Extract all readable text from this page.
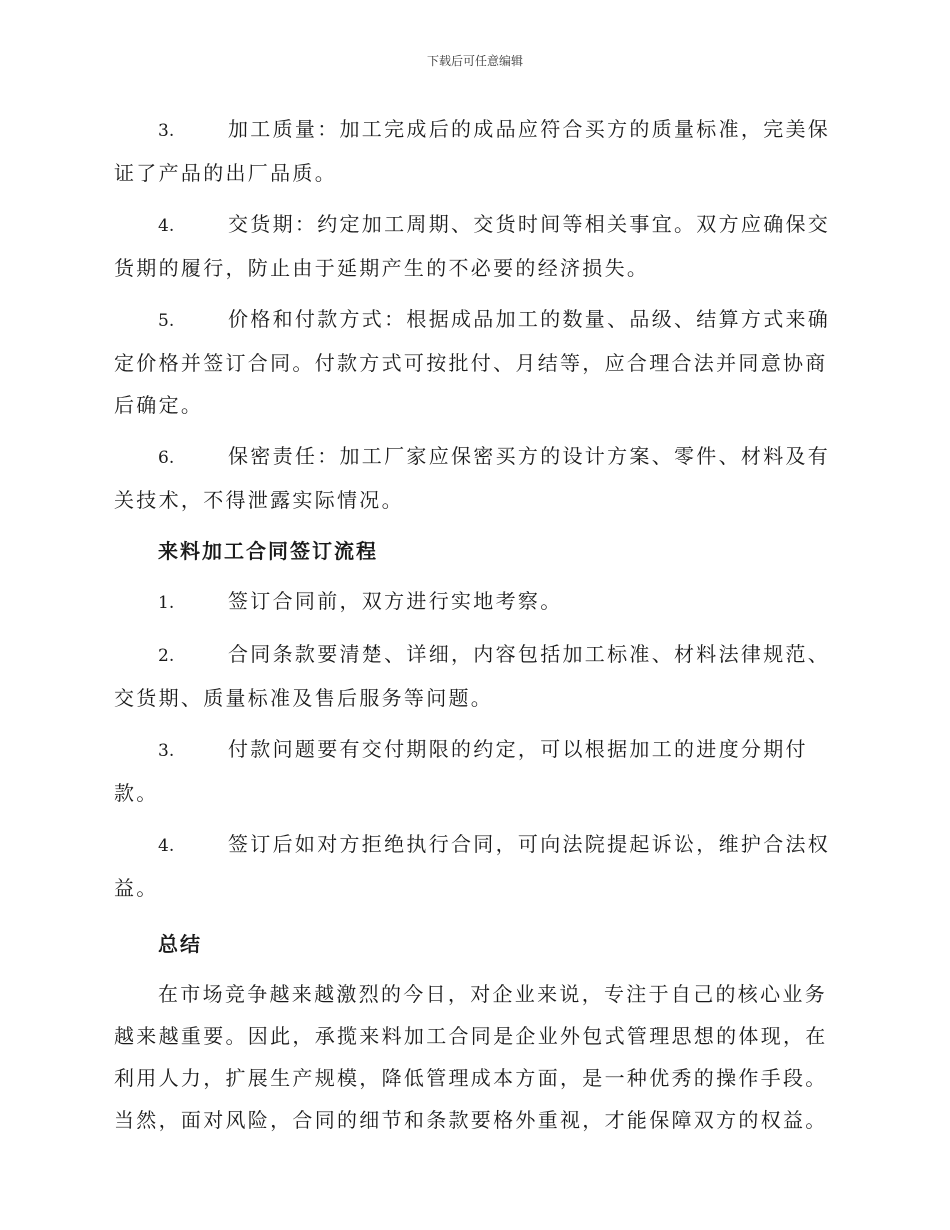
下载后可任意编辑
3.	加工质量：加工完成后的成品应符合买方的质量标准，完美保证了产品的出厂品质。
4.	交货期：约定加工周期、交货时间等相关事宜。双方应确保交货期的履行，防止由于延期产生的不必要的经济损失。
5.	价格和付款方式：根据成品加工的数量、品级、结算方式来确定价格并签订合同。付款方式可按批付、月结等，应合理合法并同意协商后确定。
6.	保密责任：加工厂家应保密买方的设计方案、零件、材料及有关技术，不得泄露实际情况。
来料加工合同签订流程
1.	签订合同前，双方进行实地考察。
2.	合同条款要清楚、详细，内容包括加工标准、材料法律规范、交货期、质量标准及售后服务等问题。
3.	付款问题要有交付期限的约定，可以根据加工的进度分期付款。
4.	签订后如对方拒绝执行合同，可向法院提起诉讼，维护合法权益。
总结

在市场竞争越来越激烈的今日，对企业来说，专注于自己的核心业务越来越重要。因此，承揽来料加工合同是企业外包式管理思想的体现，在利用人力，扩展生产规模，降低管理成本方面，是一种优秀的操作手段。当然，面对风险，合同的细节和条款要格外重视，才能保障双方的权益。
